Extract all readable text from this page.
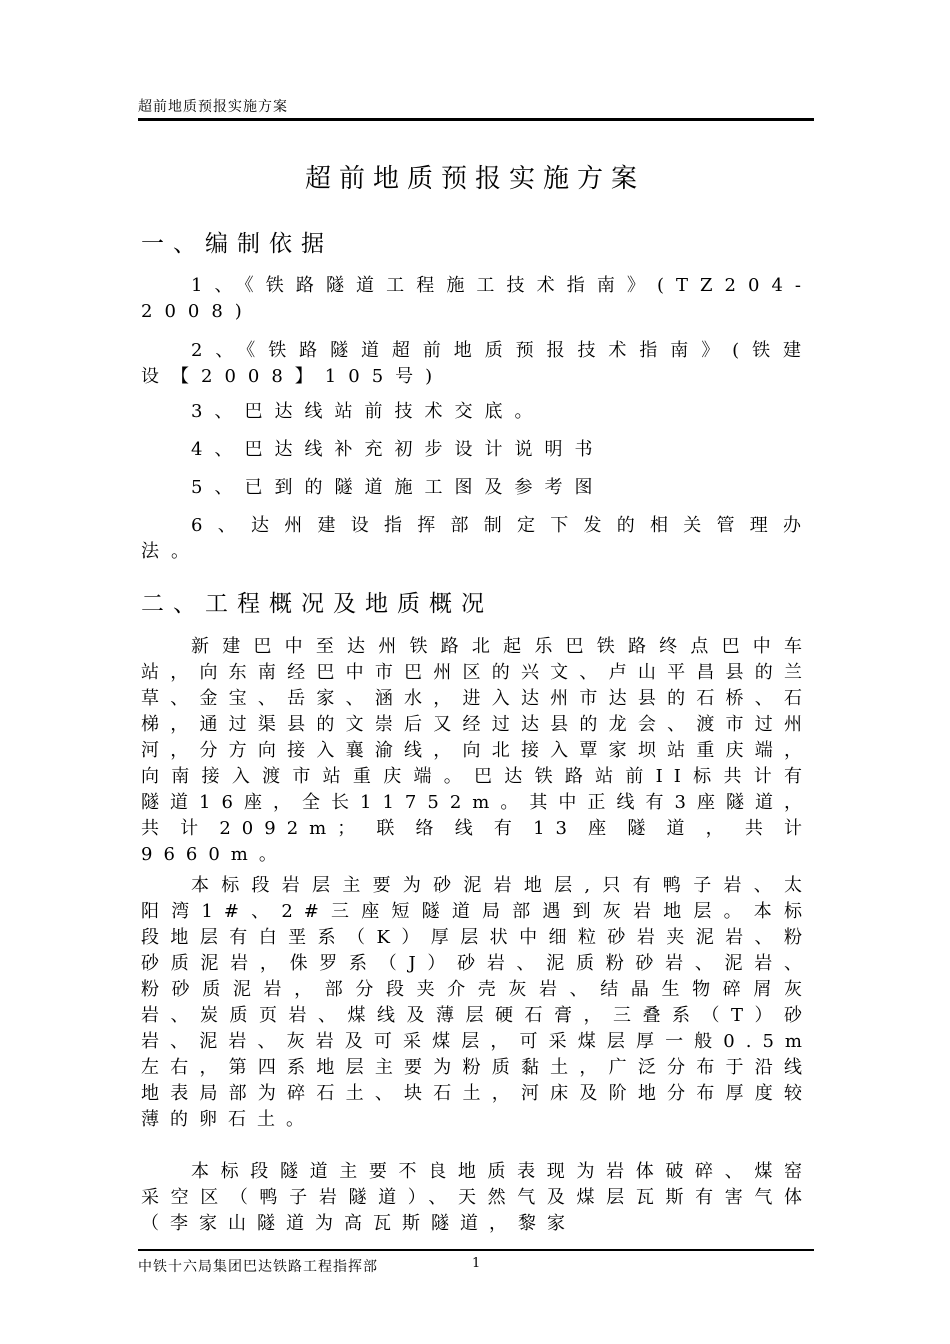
超前地质预报实施方案
超前地质预报实施方案
一、编制依据
1、《铁路隧道工程施工技术指南》(TZ204-2008)
2、《铁路隧道超前地质预报技术指南》(铁建设【2008】105号)
3、巴达线站前技术交底。
4、巴达线补充初步设计说明书
5、已到的隧道施工图及参考图
6、达州建设指挥部制定下发的相关管理办法。
二、工程概况及地质概况
新建巴中至达州铁路北起乐巴铁路终点巴中车站，向东南经巴中市巴州区的兴文、卢山平昌县的兰草、金宝、岳家、涵水，进入达州市达县的石桥、石梯，通过渠县的文崇后又经过达县的龙会、渡市过州河，分方向接入襄渝线，向北接入覃家坝站重庆端，向南接入渡市站重庆端。巴达铁路站前II标共计有隧道16座，全长11752m。其中正线有3座隧道，共计2092m；联络线有13座隧道，共计9660m。
本标段岩层主要为砂泥岩地层,只有鸭子岩、太阳湾1#、2#三座短隧道局部遇到灰岩地层。本标段地层有白垩系（K）厚层状中细粒砂岩夹泥岩、粉砂质泥岩，侏罗系（J）砂岩、泥质粉砂岩、泥岩、粉砂质泥岩，部分段夹介壳灰岩、结晶生物碎屑灰岩、炭质页岩、煤线及薄层硬石膏，三叠系（T）砂岩、泥岩、灰岩及可采煤层，可采煤层厚一般0.5m左右，第四系地层主要为粉质黏土，广泛分布于沿线地表局部为碎石土、块石土，河床及阶地分布厚度较薄的卵石土。
本标段隧道主要不良地质表现为岩体破碎、煤窑采空区（鸭子岩隧道）、天然气及煤层瓦斯有害气体（李家山隧道为高瓦斯隧道，黎家
中铁十六局集团巴达铁路工程指挥部	1
